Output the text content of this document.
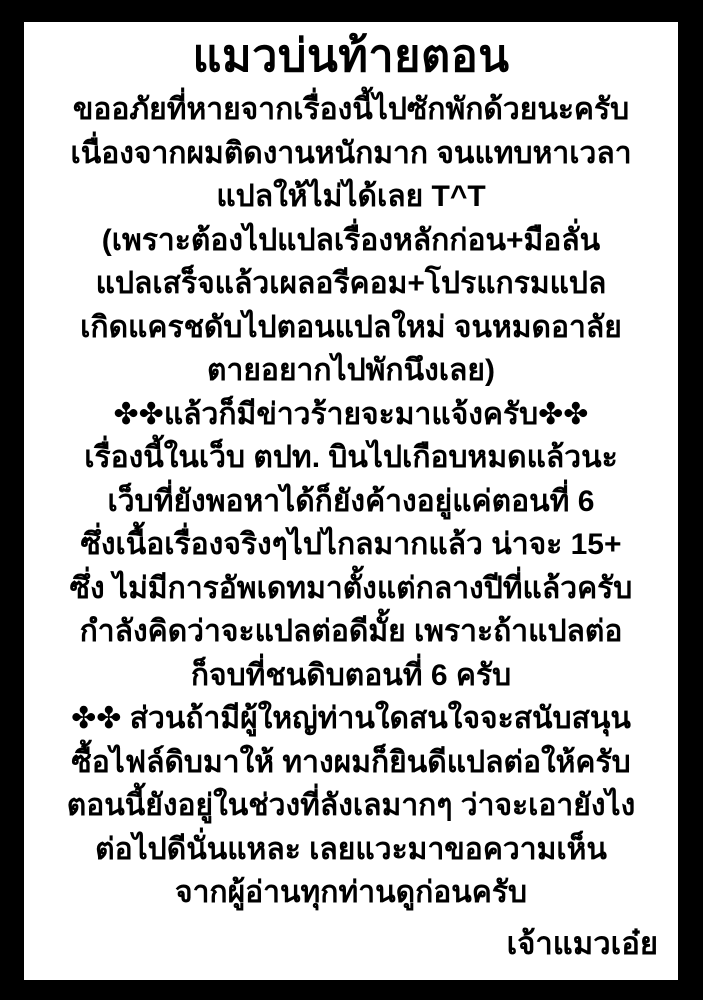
แมวบ่นท้ายตอน

ขออภัยที่หายจากเรื่องนี้ไปซักพักด้วยนะครับ

เนื่องจากผมติดงานหนักมาก จนแทบหาเวลา

แปลให้ไม่ได้เลย T^T

(เพราะต้องไปแปลเรื่องหลักก่อน+มือลั่น

แปลเสร็จแล้วเผลอรีคอม+โปรแกรมแปล

เกิดแครชดับไปตอนแปลใหม่ จนหมดอาลัย

ตายอยากไปพักนึงเลย)

✤✤แล้วก็มีข่าวร้ายจะมาแจ้งครับ✤✤

เรื่องนี้ในเว็บ ตปท. บินไปเกือบหมดแล้วนะ

เว็บที่ยังพอหาได้ก็ยังค้างอยู่แค่ตอนที่ 6

ซึ่งเนื้อเรื่องจริงๆไปไกลมากแล้ว น่าจะ 15+

ซึ่ง ไม่มีการอัพเดทมาตั้งแต่กลางปีที่แล้วครับ

กำลังคิดว่าจะแปลต่อดีมั้ย เพราะถ้าแปลต่อ

ก็จบที่ชนดิบตอนที่ 6 ครับ

✤✤ ส่วนถ้ามีผู้ใหญ่ท่านใดสนใจจะสนับสนุน

ซื้อไฟล์ดิบมาให้ ทางผมก็ยินดีแปลต่อให้ครับ

ตอนนี้ยังอยู่ในช่วงที่ลังเลมากๆ ว่าจะเอายังไง

ต่อไปดีนั่นแหละ เลยแวะมาขอความเห็น

จากผู้อ่านทุกท่านดูก่อนครับ

เจ้าแมวเอ๋ย
